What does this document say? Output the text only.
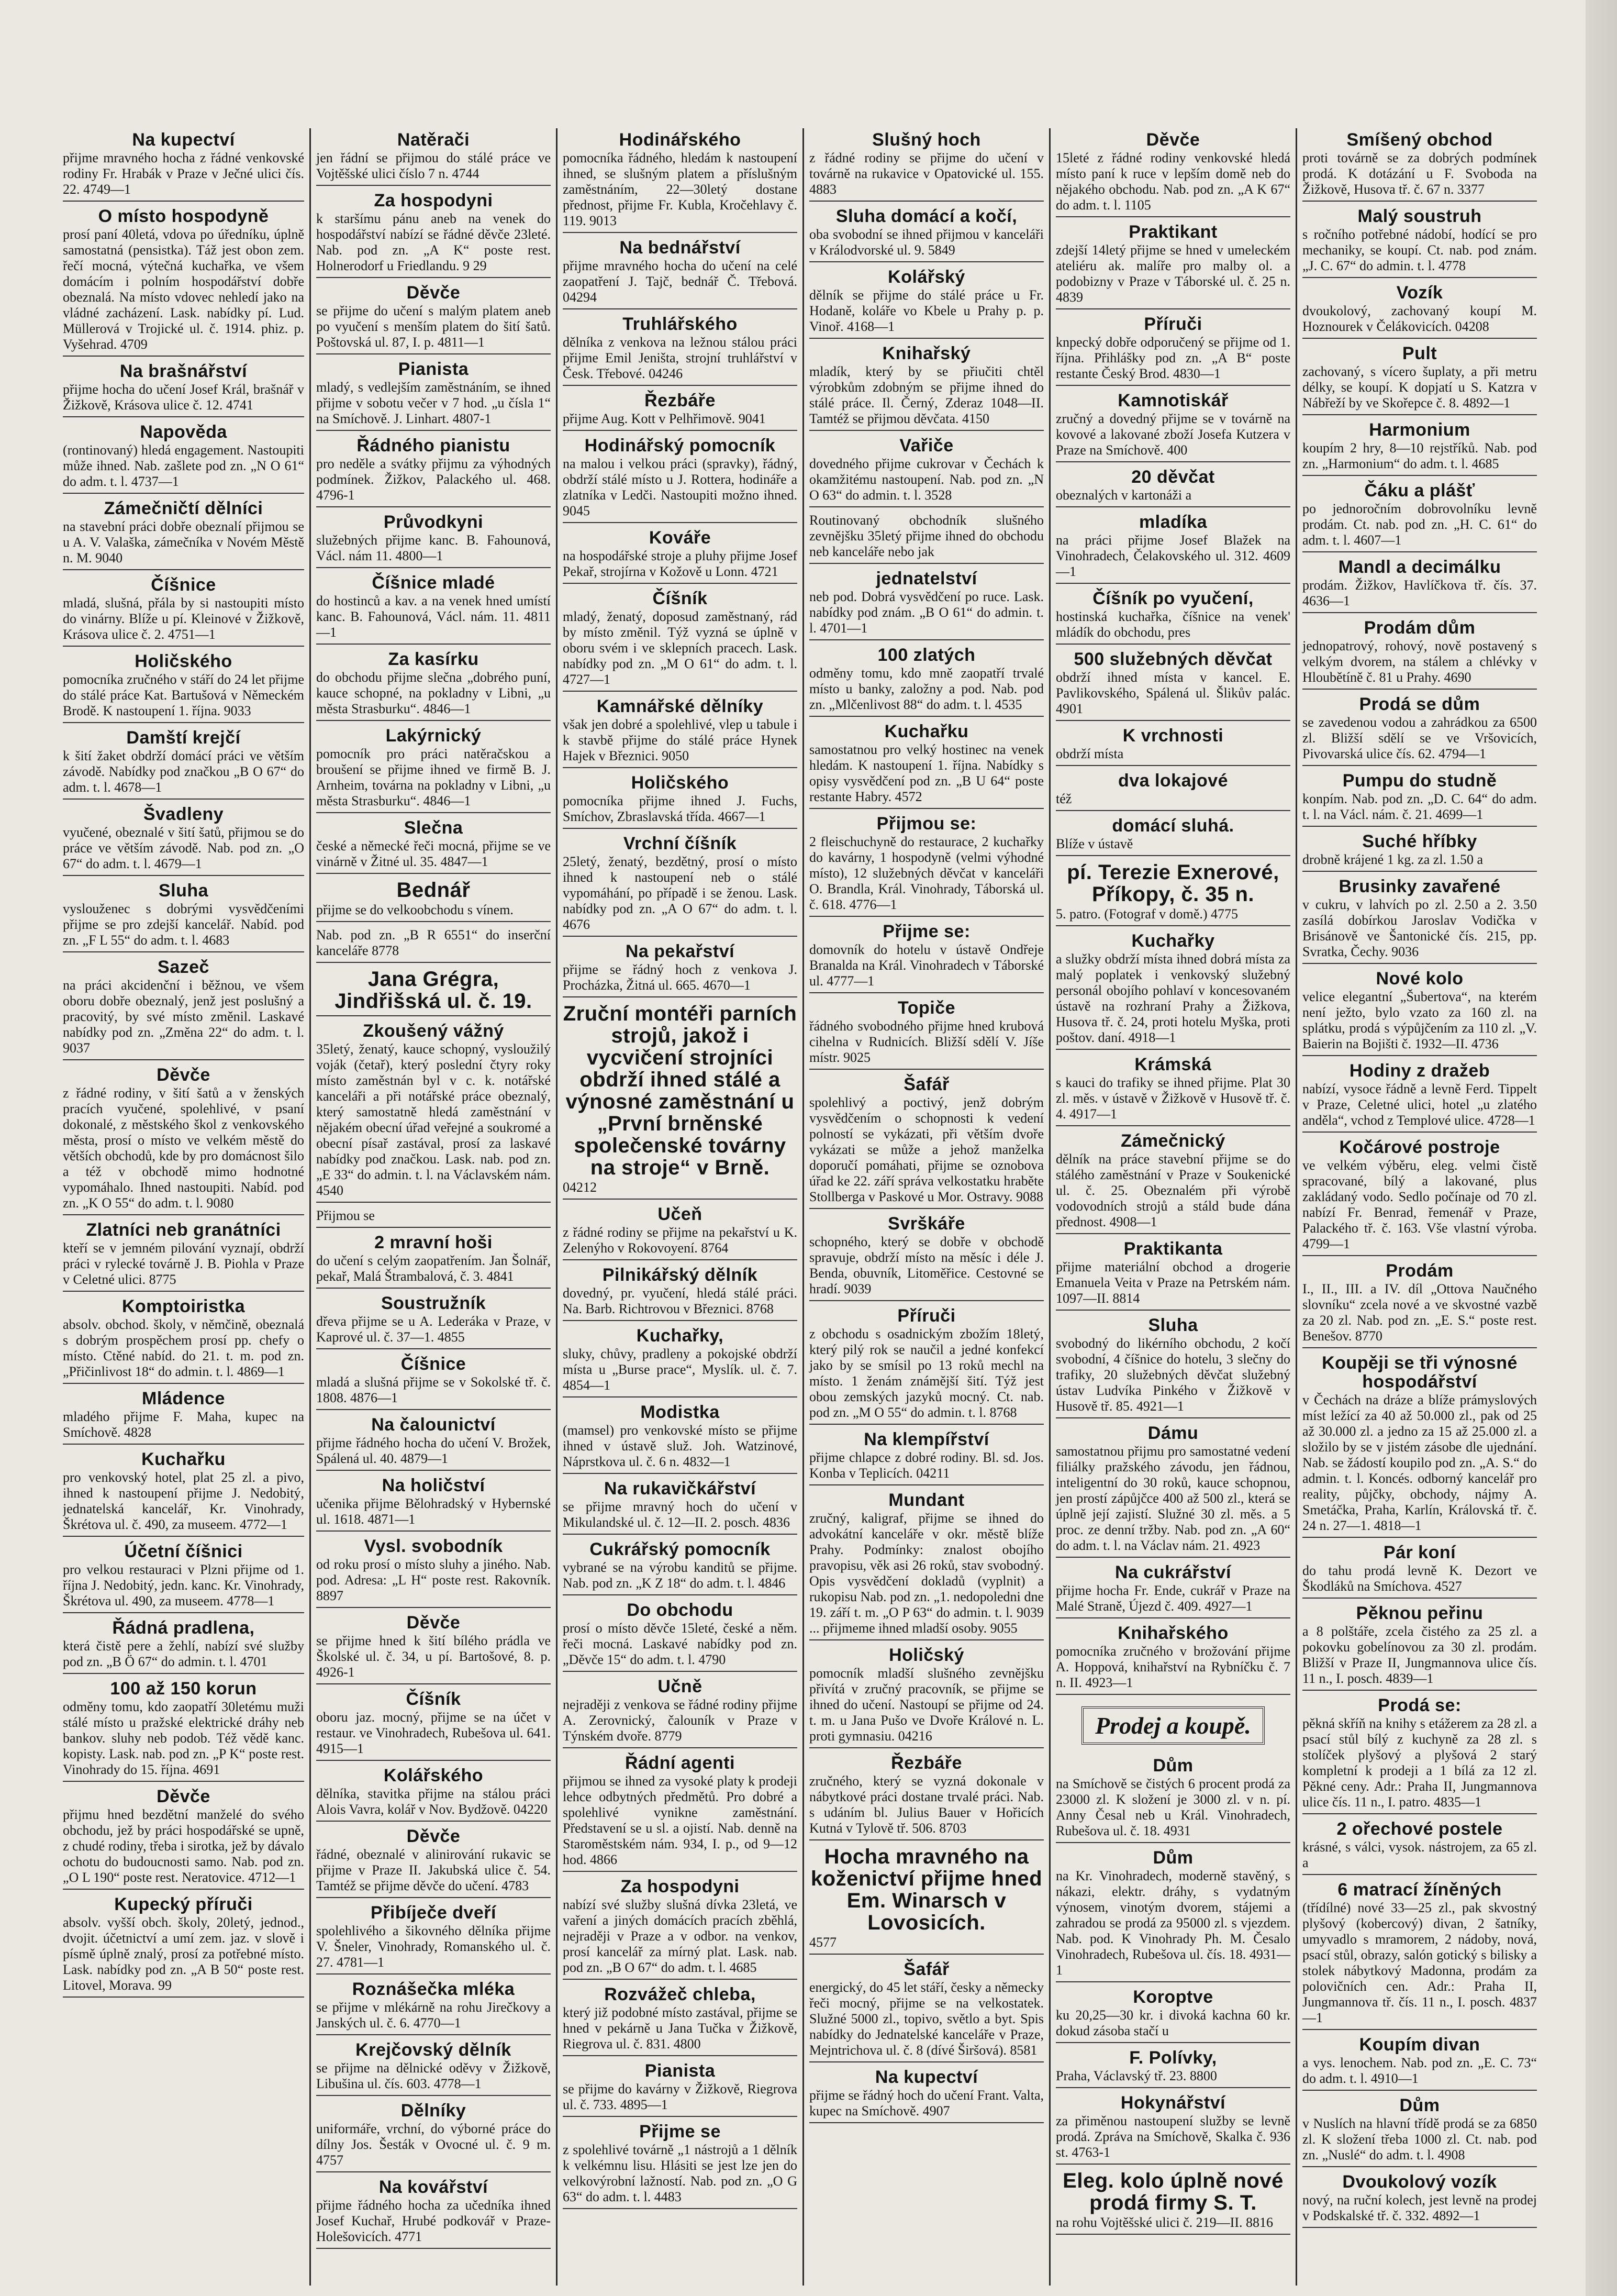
Na kupectví
přijme mravného hocha z řádné venkovské rodiny Fr. Hrabák v Praze v Ječné ulici čís. 22. 4749—1
O místo hospodyně
prosí paní 40letá, vdova po úředníku, úplně samostatná (pensistka). Táž jest obon zem. řečí mocná, výtečná kuchařka, ve všem domácím i polním hospodářství dobře obeznalá. Na místo vdovec nehledí jako na vládné zacházení. Lask. nabídky pí. Lud. Müllerová v Trojické ul. č. 1914. phiz. p. Vyšehrad. 4709
Na brašnářství
přijme hocha do učení Josef Král, brašnář v Žižkově, Krásova ulice č. 12. 4741
Napověda
(rontinovaný) hledá engagement. Nastoupiti může ihned. Nab. zašlete pod zn. „N O 61“ do adm. t. l. 4737—1
Zámečničtí dělníci
na stavební práci dobře obeznalí přijmou se u A. V. Valaška, zámečníka v Novém Městě n. M. 9040
Číšnice
mladá, slušná, přála by si nastoupiti místo do vinárny. Blíže u pí. Kleinové v Žižkově, Krásova ulice č. 2. 4751—1
Holičského
pomocníka zručného v stáří do 24 let přijme do stálé práce Kat. Bartušová v Německém Brodě. K nastoupení 1. října. 9033
Damští krejčí
k šití žaket obdrží domácí práci ve větším závodě. Nabídky pod značkou „B O 67“ do adm. t. l. 4678—1
Švadleny
vyučené, obeznalé v šití šatů, přijmou se do práce ve větším závodě. Nab. pod zn. „O 67“ do adm. t. l. 4679—1
Sluha
vyslouženec s dobrými vysvědčeními přijme se pro zdejší kancelář. Nabíd. pod zn. „F L 55“ do adm. t. l. 4683
Sazeč
na práci akcidenční i běžnou, ve všem oboru dobře obeznalý, jenž jest poslušný a pracovitý, by své místo změnil. Laskavé nabídky pod zn. „Změna 22“ do adm. t. l. 9037
Děvče
z řádné rodiny, v šití šatů a v ženských pracích vyučené, spolehlivé, v psaní dokonalé, z městského škol z venkovského města, prosí o místo ve velkém městě do větších obchodů, kde by pro domácnost šilo a též v obchodě mimo hodnotné vypomáhalo. Ihned nastoupiti. Nabíd. pod zn. „K O 55“ do adm. t. l. 9080
Zlatníci neb granátníci
kteří se v jemném pilování vyznají, obdrží práci v rylecké továrně J. B. Piohla v Praze v Celetné ulici. 8775
Komptoiristka
absolv. obchod. školy, v němčině, obeznalá s dobrým prospěchem prosí pp. chefy o místo. Ctěné nabíd. do 21. t. m. pod zn. „Přičinlivost 18“ do admin. t. l. 4869—1
Mládence
mladého přijme F. Maha, kupec na Smíchově. 4828
Kuchařku
pro venkovský hotel, plat 25 zl. a pivo, ihned k nastoupení přijme J. Nedobitý, jednatelská kancelář, Kr. Vinohrady, Škrétova ul. č. 490, za museem. 4772—1
Účetní číšnici
pro velkou restauraci v Plzni přijme od 1. října J. Nedobitý, jedn. kanc. Kr. Vinohrady, Škrétova ul. 490, za museem. 4778—1
Řádná pradlena,
která čistě pere a žehlí, nabízí své služby pod zn. „B Ö 67“ do admin. t. l. 4701
100 až 150 korun
odměny tomu, kdo zaopatří 30letému muži stálé místo u pražské elektrické dráhy neb bankov. sluhy neb podob. Též vědě kanc. kopisty. Lask. nab. pod zn. „P K“ poste rest. Vinohrady do 15. října. 4691
Děvče
přijmu hned bezdětní manželé do svého obchodu, jež by práci hospodářské se upně, z chudé rodiny, třeba i sirotka, jež by dávalo ochotu do budoucnosti samo. Nab. pod zn. „O L 190“ poste rest. Neratovice. 4712—1
Kupecký příruči
absolv. vyšší obch. školy, 20letý, jednod., dvojit. účetnictví a umí zem. jaz. v slově i písmě úplně znalý, prosí za potřebné místo. Lask. nabídky pod zn. „A B 50“ poste rest. Litovel, Morava. 99
Natěrači
jen řádní se přijmou do stálé práce ve Vojtěšské ulici číslo 7 n. 4744
Za hospodyni
k staršímu pánu aneb na venek do hospodářství nabízí se řádné děvče 23leté. Nab. pod zn. „A K“ poste rest. Holnerodorf u Friedlandu. 9 29
Děvče
se přijme do učení s malým platem aneb po vyučení s menším platem do šití šatů. Poštovská ul. 87, I. p. 4811—1
Pianista
mladý, s vedlejším zaměstnáním, se ihned přijme v sobotu večer v 7 hod. „u čísla 1“ na Smíchově. J. Linhart. 4807-1
Řádného pianistu
pro neděle a svátky přijmu za výhodných podmínek. Žižkov, Palackého ul. 468. 4796-1
Průvodkyni
služebných přijme kanc. B. Fahounová, Václ. nám 11. 4800—1
Číšnice mladé
do hostinců a kav. a na venek hned umístí kanc. B. Fahounová, Václ. nám. 11. 4811—1
Za kasírku
do obchodu přijme slečna „dobrého puní, kauce schopné, na pokladny v Libni, „u města Strasburku“. 4846—1
Lakýrnický
pomocník pro práci natěračskou a broušení se přijme ihned ve firmě B. J. Arnheim, továrna na pokladny v Libni, „u města Strasburku“. 4846—1
Slečna
české a německé řeči mocná, přijme se ve vinárně v Žitné ul. 35. 4847—1
Bednář
přijme se do velkoobchodu s vínem.
Nab. pod zn. „B R 6551“ do inserční kanceláře 8778
Jana Grégra, Jindřišská ul. č. 19.
Zkoušený vážný
35letý, ženatý, kauce schopný, vysloužilý voják (četař), který poslední čtyry roky místo zaměstnán byl v c. k. notářské kanceláři a při notářské práce obeznalý, který samostatně hledá zaměstnání v nějakém obecní úřad veřejné a soukromé a obecní písař zastával, prosí za laskavé nabídky pod značkou. Lask. nab. pod zn. „E 33“ do admin. t. l. na Václavském nám. 4540
Přijmou se
2 mravní hoši
do učení s celým zaopatřením. Jan Šolnář, pekař, Malá Štrambalová, č. 3. 4841
Soustružník
dřeva přijme se u A. Lederáka v Praze, v Kaprové ul. č. 37—1. 4855
Číšnice
mladá a slušná přijme se v Sokolské tř. č. 1808. 4876—1
Na čalounictví
přijme řádného hocha do učení V. Brožek, Spálená ul. 40. 4879—1
Na holičství
učenika přijme Bělohradský v Hybernské ul. 1618. 4871—1
Vysl. svobodník
od roku prosí o místo sluhy a jiného. Nab. pod. Adresa: „L H“ poste rest. Rakovník. 8897
Děvče
se přijme hned k šití bílého prádla ve Školské ul. č. 34, u pí. Bartošové, 8. p. 4926-1
Číšník
oboru jaz. mocný, přijme se na účet v restaur. ve Vinohradech, Rubešova ul. 641. 4915—1
Kolářského
dělníka, stavitka přijme na stálou práci Alois Vavra, kolář v Nov. Bydžově. 04220
Děvče
řádné, obeznalé v alinirování rukavic se přijme v Praze II. Jakubská ulice č. 54. Tamtéž se přijme děvče do učení. 4783
Přibíječe dveří
spolehlivého a šikovného dělníka přijme V. Šneler, Vinohrady, Romanského ul. č. 27. 4781—1
Roznášečka mléka
se přijme v mlékárně na rohu Jirečkovy a Janských ul. č. 6. 4770—1
Krejčovský dělník
se přijme na dělnické oděvy v Žižkově, Libušina ul. čís. 603. 4778—1
Dělníky
uniformáře, vrchní, do výborné práce do dílny Jos. Šesták v Ovocné ul. č. 9 m. 4757
Na kovářství
přijme řádného hocha za učedníka ihned Josef Kuchař, Hrubé podkovář v Praze-Holešovicích. 4771
Hodinářského
pomocníka řádného, hledám k nastoupení ihned, se slušným platem a příslušným zaměstnáním, 22—30letý dostane přednost, přijme Fr. Kubla, Kročehlavy č. 119. 9013
Na bednářství
přijme mravného hocha do učení na celé zaopatření J. Tajč, bednář Č. Třebová. 04294
Truhlářského
dělníka z venkova na ležnou stálou práci přijme Emil Jeništa, strojní truhlářství v Česk. Třebové. 04246
Řezbáře
přijme Aug. Kott v Pelhřimově. 9041
Hodinářský pomocník
na malou i velkou práci (spravky), řádný, obdrží stálé místo u J. Rottera, hodináře a zlatníka v Ledči. Nastoupiti možno ihned. 9045
Kováře
na hospodářské stroje a pluhy přijme Josef Pekař, strojírna v Kožově u Lonn. 4721
Číšník
mladý, ženatý, doposud zaměstnaný, rád by místo změnil. Týž vyzná se úplně v oboru svém i ve sklepních pracech. Lask. nabídky pod zn. „M O 61“ do adm. t. l. 4727—1
Kamnářské dělníky
však jen dobré a spolehlivé, vlep u tabule i k stavbě přijme do stálé práce Hynek Hajek v Březnici. 9050
Holičského
pomocníka přijme ihned J. Fuchs, Smíchov, Zbraslavská třída. 4667—1
Vrchní číšník
25letý, ženatý, bezdětný, prosí o místo ihned k nastoupení neb o stálé vypomáhání, po případě i se ženou. Lask. nabídky pod zn. „A O 67“ do adm. t. l. 4676
Na pekařství
přijme se řádný hoch z venkova J. Procházka, Žitná ul. 665. 4670—1
Zruční montéři parních strojů, jakož i vycvičení strojníci obdrží ihned stálé a výnosné zaměstnání u „První brněnské společenské továrny na stroje“ v Brně.
04212
Učeň
z řádné rodiny se přijme na pekařství u K. Zelenýho v Rokovoyení. 8764
Pilnikářský dělník
dovedný, pr. vyučení, hledá stálé práci. Na. Barb. Richtrovou v Březnici. 8768
Kuchařky,
sluky, chůvy, pradleny a pokojské obdrží místa u „Burse prace“, Myslík. ul. č. 7. 4854—1
Modistka
(mamsel) pro venkovské místo se přijme ihned v ústavě služ. Joh. Watzinové, Náprstkova ul. č. 6 n. 4832—1
Na rukavičkářství
se přijme mravný hoch do učení v Mikulandské ul. č. 12—II. 2. posch. 4836
Cukrářský pomocník
vybrané se na výrobu kanditů se přijme. Nab. pod zn. „K Z 18“ do adm. t. l. 4846
Do obchodu
prosí o místo děvče 15leté, české a něm. řeči mocná. Laskavé nabídky pod zn. „Děvče 15“ do adm. t. l. 4790
Učně
nejraději z venkova se řádné rodiny přijme A. Zerovnický, čalouník v Praze v Týnském dvoře. 8779
Řádní agenti
přijmou se ihned za vysoké platy k prodeji lehce odbytných předmětů. Pro dobré a spolehlivé vynikne zaměstnání. Představení se u sl. a ojistí. Nab. denně na Staroměstském nám. 934, I. p., od 9—12 hod. 4866
Za hospodyni
nabízí své služby slušná dívka 23letá, ve vaření a jiných domácích pracích zběhlá, nejraději v Praze a v odbor. na venkov, prosí kancelář za mírný plat. Lask. nab. pod zn. „B O 67“ do adm. t. l. 4685
Rozvážeč chleba,
který již podobné místo zastával, přijme se hned v pekárně u Jana Tučka v Žižkově, Riegrova ul. č. 831. 4800
Pianista
se přijme do kavárny v Žižkově, Riegrova ul. č. 733. 4895—1
Přijme se
z spolehlivé továrně „1 nástrojů a 1 dělník k velkémnu lisu. Hlásiti se jest lze jen do velkovýrobní lažností. Nab. pod zn. „O G 63“ do adm. t. l. 4483
Slušný hoch
z řádné rodiny se přijme do učení v továrně na rukavice v Opatovické ul. 155. 4883
Sluha domácí a kočí,
oba svobodní se ihned přijmou v kanceláři v Králodvorské ul. 9. 5849
Kolářský
dělník se přijme do stálé práce u Fr. Hodaně, koláře vo Kbele u Prahy p. p. Vinoř. 4168—1
Knihařský
mladík, který by se přiučiti chtěl výrobkům zdobným se přijme ihned do stálé práce. Il. Černý, Zderaz 1048—II. Tamtéž se přijmou děvčata. 4150
Vařiče
dovedného přijme cukrovar v Čechách k okamžitému nastoupení. Nab. pod zn. „N O 63“ do admin. t. l. 3528
Routinovaný obchodník slušného zevnějšku 35letý přijme ihned do obchodu neb kanceláře nebo jak
jednatelství
neb pod. Dobrá vysvědčení po ruce. Lask. nabídky pod znám. „B O 61“ do admin. t. l. 4701—1
100 zlatých
odměny tomu, kdo mně zaopatří trvalé místo u banky, založny a pod. Nab. pod zn. „Mlčenlivost 88“ do adm. t. l. 4535
Kuchařku
samostatnou pro velký hostinec na venek hledám. K nastoupení 1. října. Nabídky s opisy vysvědčení pod zn. „B U 64“ poste restante Habry. 4572
Přijmou se:
2 fleischuchyně do restaurace, 2 kuchařky do kavárny, 1 hospodyně (velmi výhodné místo), 12 služebných děvčat v kanceláři O. Brandla, Král. Vinohrady, Táborská ul. č. 618. 4776—1
Přijme se:
domovník do hotelu v ústavě Ondřeje Branalda na Král. Vinohradech v Táborské ul. 4777—1
Topiče
řádného svobodného přijme hned krubová cihelna v Rudnicích. Bližší sdělí V. Jíše místr. 9025
Šafář
spolehlivý a poctivý, jenž dobrým vysvědčením o schopnosti k vedení polností se vykázati, při větším dvoře vykázati se může a jehož manželka doporučí pomáhati, přijme se oznobova úřad ke 22. září správa velkostatku hraběte Stollberga v Paskové u Mor. Ostravy. 9088
Svrškáře
schopného, který se dobře v obchodě spravuje, obdrží místo na měsíc i déle J. Benda, obuvník, Litoměřice. Cestovné se hradí. 9039
Příruči
z obchodu s osadnickým zbožím 18letý, který pilý rok se naučil a jedné konfekcí jako by se smísil po 13 roků mechl na místo. 1 ženám známější šití. Týž jest obou zemských jazyků mocný. Ct. nab. pod zn. „M O 55“ do admin. t. l. 8768
Na klempířství
přijme chlapce z dobré rodiny. Bl. sd. Jos. Konba v Teplicích. 04211
Mundant
zručný, kaligraf, přijme se ihned do advokátní kanceláře v okr. městě blíže Prahy. Podmínky: znalost obojího pravopisu, věk asi 26 roků, stav svobodný. Opis vysvědčení dokladů (vyplnit) a rukopisu Nab. pod zn. „1. nedopoledni dne 19. září t. m. „O P 63“ do admin. t. l. 9039 ... přijmeme ihned mladší osoby. 9055
Holičský
pomocník mladší slušného zevnějšku přivítá v zručný pracovník, se přijme se ihned do učení. Nastoupí se přijme od 24. t. m. u Jana Pušo ve Dvoře Králové n. L. proti gymnasiu. 04216
Řezbáře
zručného, který se vyzná dokonale v nábytkové práci dostane trvalé práci. Nab. s udáním bl. Julius Bauer v Hořicích Kutná v Tylově tř. 506. 8703
Hocha mravného na koženictví přijme hned Em. Winarsch v Lovosicích.
4577
Šafář
energický, do 45 let stáří, česky a německy řeči mocný, přijme se na velkostatek. Služné 5000 zl., topivo, světlo a byt. Spis nabídky do Jednatelské kanceláře v Praze, Mejntrichova ul. č. 8 (dívé Širšová). 8581
Na kupectví
přijme se řádný hoch do učení Frant. Valta, kupec na Smíchově. 4907
Děvče
15leté z řádné rodiny venkovské hledá místo paní k ruce v lepším domě neb do nějakého obchodu. Nab. pod zn. „A K 67“ do adm. t. l. 1105
Praktikant
zdejší 14letý přijme se hned v umeleckém ateliéru ak. malíře pro malby ol. a podobizny v Praze v Táborské ul. č. 25 n. 4839
Příruči
knpecký dobře odporučený se přijme od 1. října. Přihlášky pod zn. „A B“ poste restante Český Brod. 4830—1
Kamnotiskář
zručný a dovedný přijme se v továrně na kovové a lakované zboží Josefa Kutzera v Praze na Smíchově. 400
20 děvčat
obeznalých v kartonáži a
mladíka
na práci přijme Josef Blažek na Vinohradech, Čelakovského ul. 312. 4609—1
Číšník po vyučení,
hostinská kuchařka, číšnice na venek' mládík do obchodu, pres
500 služebných děvčat
obdrží ihned místa v kancel. E. Pavlikovského, Spálená ul. Šlikův palác. 4901
K vrchnosti
obdrží místa
dva lokajové
též
domácí sluhá.
Blíže v ústavě
pí. Terezie Exnerové, Příkopy, č. 35 n.
5. patro. (Fotograf v domě.) 4775
Kuchařky
a služky obdrží místa ihned dobrá místa za malý poplatek i venkovský služebný personál obojího pohlaví v koncesovaném ústavě na rozhraní Prahy a Žižkova, Husova tř. č. 24, proti hotelu Myška, proti poštov. daní. 4918—1
Krámská
s kauci do trafiky se ihned přijme. Plat 30 zl. měs. v ústavě v Žižkově v Husově tř. č. 4. 4917—1
Zámečnický
dělník na práce stavební přijme se do stálého zaměstnání v Praze v Soukenické ul. č. 25. Obeznalém při výrobě vodovodních strojů a stáld bude dána přednost. 4908—1
Praktikanta
přijme materiální obchod a drogerie Emanuela Veita v Praze na Petrském nám. 1097—II. 8814
Sluha
svobodný do likérního obchodu, 2 kočí svobodní, 4 číšnice do hotelu, 3 slečny do trafiky, 20 služebných děvčat služebný ústav Ludvíka Pinkého v Žižkově v Husově tř. 85. 4921—1
Dámu
samostatnou přijmu pro samostatné vedení filiálky pražského závodu, jen řádnou, inteligentní do 30 roků, kauce schopnou, jen prostí zápůjčce 400 až 500 zl., která se úplně její zajistí. Služné 30 zl. měs. a 5 proc. ze denní tržby. Nab. pod zn. „A 60“ do adm. t. l. na Václav nám. 21. 4923
Na cukrářství
přijme hocha Fr. Ende, cukrář v Praze na Malé Straně, Újezd č. 409. 4927—1
Knihařského
pomocníka zručného v brožování přijme A. Hoppová, knihařství na Rybníčku č. 7 n. II. 4923—1
Prodej a koupě.
Dům
na Smíchově se čistých 6 procent prodá za 23000 zl. K složení je 3000 zl. v n. pí. Anny Česal neb u Král. Vinohradech, Rubešova ul. č. 18. 4931
Dům
na Kr. Vinohradech, moderně stavěný, s nákazi, elektr. dráhy, s vydatným výnosem, vinotým dvorem, stájemi a zahradou se prodá za 95000 zl. s vjezdem. Nab. pod. K Vinohrady Ph. M. Česalo Vinohradech, Rubešova ul. čís. 18. 4931—1
Koroptve
ku 20,25—30 kr. i divoká kachna 60 kr. dokud zásoba stačí u
F. Polívky,
Praha, Václavský tř. 23. 8800
Hokynářství
za přiměnou nastoupení služby se levně prodá. Zpráva na Smíchově, Skalka č. 936 st. 4763-1
Eleg. kolo úplně nové prodá firmy S. T.
na rohu Vojtěšské ulici č. 219—II. 8816
Smíšený obchod
proti továrně se za dobrých podmínek prodá. K dotázání u F. Svoboda na Žižkově, Husova tř. č. 67 n. 3377
Malý soustruh
s ročního potřebné nádobí, hodící se pro mechaniky, se koupí. Ct. nab. pod znám. „J. C. 67“ do admin. t. l. 4778
Vozík
dvoukolový, zachovaný koupí M. Hoznourek v Čelákovicích. 04208
Pult
zachovaný, s vícero šuplaty, a při metru délky, se koupí. K dopjatí u S. Katzra v Nábřeží by ve Skořepce č. 8. 4892—1
Harmonium
koupím 2 hry, 8—10 rejstříků. Nab. pod zn. „Harmonium“ do adm. t. l. 4685
Čáku a plášť
po jednoročním dobrovolníku levně prodám. Ct. nab. pod zn. „H. C. 61“ do adm. t. l. 4607—1
Mandl a decimálku
prodám. Žižkov, Havlíčkova tř. čís. 37. 4636—1
Prodám dům
jednopatrový, rohový, nově postavený s velkým dvorem, na stálem a chlévky v Hloubětíně č. 81 u Prahy. 4690
Prodá se dům
se zavedenou vodou a zahrádkou za 6500 zl. Bližší sdělí se ve Vršovicích, Pivovarská ulice čís. 62. 4794—1
Pumpu do studně
konpím. Nab. pod zn. „D. C. 64“ do adm. t. l. na Václ. nám. č. 21. 4699—1
Suché hříbky
drobně krájené 1 kg. za zl. 1.50 a
Brusinky zavařené
v cukru, v lahvích po zl. 2.50 a 2. 3.50 zasílá dobírkou Jaroslav Vodička v Brisánově ve Šantonické čís. 215, pp. Svratka, Čechy. 9036
Nové kolo
velice elegantní „Šubertova“, na kterém není ježto, bylo vzato za 160 zl. na splátku, prodá s výpůjčením za 110 zl. „V. Baierin na Bojišti č. 1932—II. 4736
Hodiny z dražeb
nabízí, vysoce řádně a levně Ferd. Tippelt v Praze, Celetné ulici, hotel „u zlatého anděla“, vchod z Templové ulice. 4728—1
Kočárové postroje
ve velkém výběru, eleg. velmi čistě spracované, bílý a lakované, plus zakládaný vodo. Sedlo počínaje od 70 zl. nabízí Fr. Benrad, řemenář v Praze, Palackého tř. č. 163. Vše vlastní výroba. 4799—1
Prodám
I., II., III. a IV. díl „Ottova Naučného slovníku“ zcela nové a ve skvostné vazbě za 20 zl. Nab. pod zn. „E. S.“ poste rest. Benešov. 8770
Koupěji se tři výnosné hospodářství
v Čechách na dráze a blíže prámyslových míst ležící za 40 až 50.000 zl., pak od 25 až 30.000 zl. a jedno za 15 až 25.000 zl. a složilo by se v jistém zásobe dle ujednání. Nab. se žádostí koupilo pod zn. „A. S.“ do admin. t. l. Koncés. odborný kancelář pro reality, půjčky, obchody, nájmy A. Smetáčka, Praha, Karlín, Královská tř. č. 24 n. 27—1. 4818—1
Pár koní
do tahu prodá levně K. Dezort ve Škodláků na Smíchova. 4527
Pěknou peřinu
a 8 polštáře, zcela čistého za 25 zl. a pokovku gobelínovou za 30 zl. prodám. Bližší v Praze II, Jungmannova ulice čís. 11 n., I. posch. 4839—1
Prodá se:
pěkná skříň na knihy s etážerem za 28 zl. a psací stůl bílý z kuchyně za 28 zl. s stolíček plyšový a plyšová 2 starý kompletní k prodeji a 1 bílá za 12 zl. Pěkné ceny. Adr.: Praha II, Jungmannova ulice čís. 11 n., I. patro. 4835—1
2 ořechové postele
krásné, s válci, vysok. nástrojem, za 65 zl. a
6 matrací žíněných
(třídílné) nové 33—25 zl., pak skvostný plyšový (kobercový) divan, 2 šatníky, umyvadlo s mramorem, 2 nádoby, nová, psací stůl, obrazy, salón gotický s bilisky a stolek nábytkový Madonna, prodám za polovičních cen. Adr.: Praha II, Jungmannova tř. čís. 11 n., I. posch. 4837—1
Koupím divan
a vys. lenochem. Nab. pod zn. „E. C. 73“ do adm. t. l. 4910—1
Dům
v Nuslích na hlavní třídě prodá se za 6850 zl. K složení třeba 1000 zl. Ct. nab. pod zn. „Nuslé“ do adm. t. l. 4908
Dvoukolový vozík
nový, na ruční kolech, jest levně na prodej v Podskalské tř. č. 332. 4892—1
